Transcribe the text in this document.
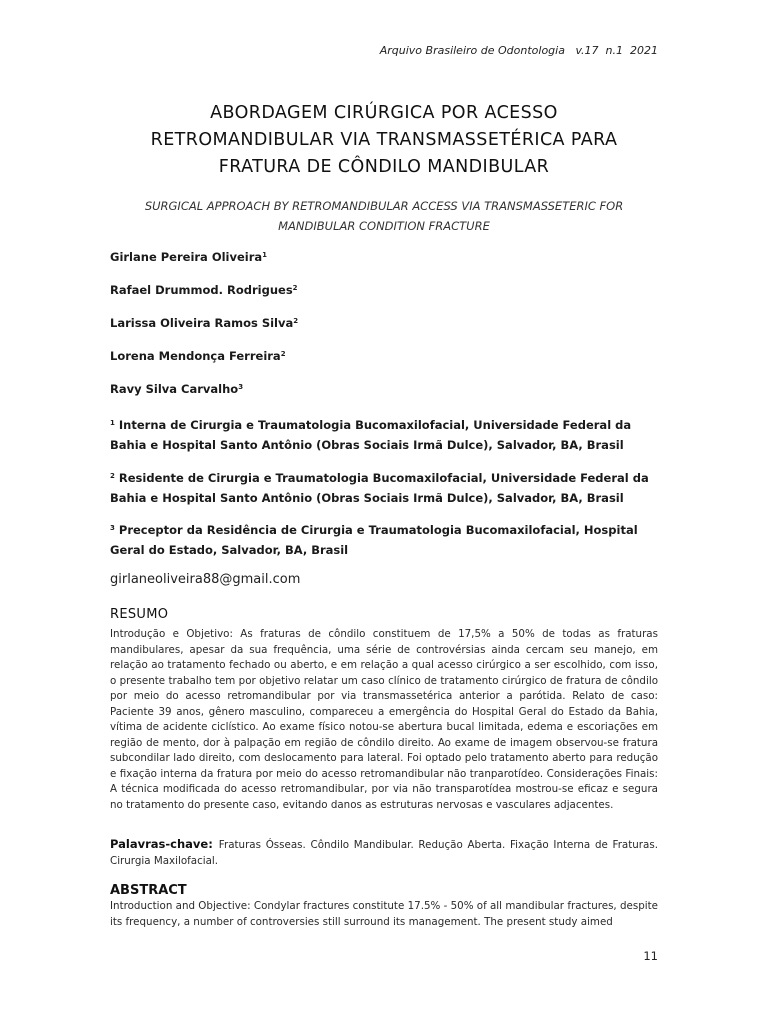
Arquivo Brasileiro de Odontologia   v.17  n.1  2021
ABORDAGEM CIRÚRGICA POR ACESSO
RETROMANDIBULAR VIA TRANSMASSETÉRICA PARA
FRATURA DE CÔNDILO MANDIBULAR
SURGICAL APPROACH BY RETROMANDIBULAR ACCESS VIA TRANSMASSETERIC FOR
MANDIBULAR CONDITION FRACTURE
Girlane Pereira Oliveira$^1$
Rafael Drummod. Rodrigues$^2$
Larissa Oliveira Ramos Silva$^2$
Lorena Mendonça Ferreira$^2$
Ravy Silva Carvalho$^3$
$^1$ Interna de Cirurgia e Traumatologia Bucomaxilofacial, Universidade Federal da Bahia e Hospital Santo Antônio (Obras Sociais Irmã Dulce), Salvador, BA, Brasil
$^2$ Residente de Cirurgia e Traumatologia Bucomaxilofacial, Universidade Federal da Bahia e Hospital Santo Antônio (Obras Sociais Irmã Dulce), Salvador, BA, Brasil
$^3$ Preceptor da Residência de Cirurgia e Traumatologia Bucomaxilofacial, Hospital Geral do Estado, Salvador, BA, Brasil
girlaneoliveira88@gmail.com
RESUMO
Introdução e Objetivo: As fraturas de côndilo constituem de 17,5% a 50% de todas as fraturas mandibulares, apesar da sua frequência, uma série de controvérsias ainda cercam seu manejo, em relação ao tratamento fechado ou aberto, e em relação a qual acesso cirúrgico a ser escolhido, com isso, o presente trabalho tem por objetivo relatar um caso clínico de tratamento cirúrgico de fratura de côndilo por meio do acesso retromandibular por via transmassetérica anterior a parótida. Relato de caso: Paciente 39 anos, gênero masculino, compareceu a emergência do Hospital Geral do Estado da Bahia, vítima de acidente ciclístico. Ao exame físico notou-se abertura bucal limitada, edema e escoriações em região de mento, dor à palpação em região de côndilo direito. Ao exame de imagem observou-se fratura subcondilar lado direito, com deslocamento para lateral. Foi optado pelo tratamento aberto para redução e fixação interna da fratura por meio do acesso retromandibular não tranparotídeo. Considerações Finais: A técnica modificada do acesso retromandibular, por via não transparotídea mostrou-se eficaz e segura no tratamento do presente caso, evitando danos as estruturas nervosas e vasculares adjacentes.
Palavras-chave: Fraturas Ósseas. Côndilo Mandibular. Redução Aberta. Fixação Interna de Fraturas. Cirurgia Maxilofacial.
ABSTRACT
Introduction and Objective: Condylar fractures constitute 17.5% - 50% of all mandibular fractures, despite its frequency, a number of controversies still surround its management. The present study aimed
11
